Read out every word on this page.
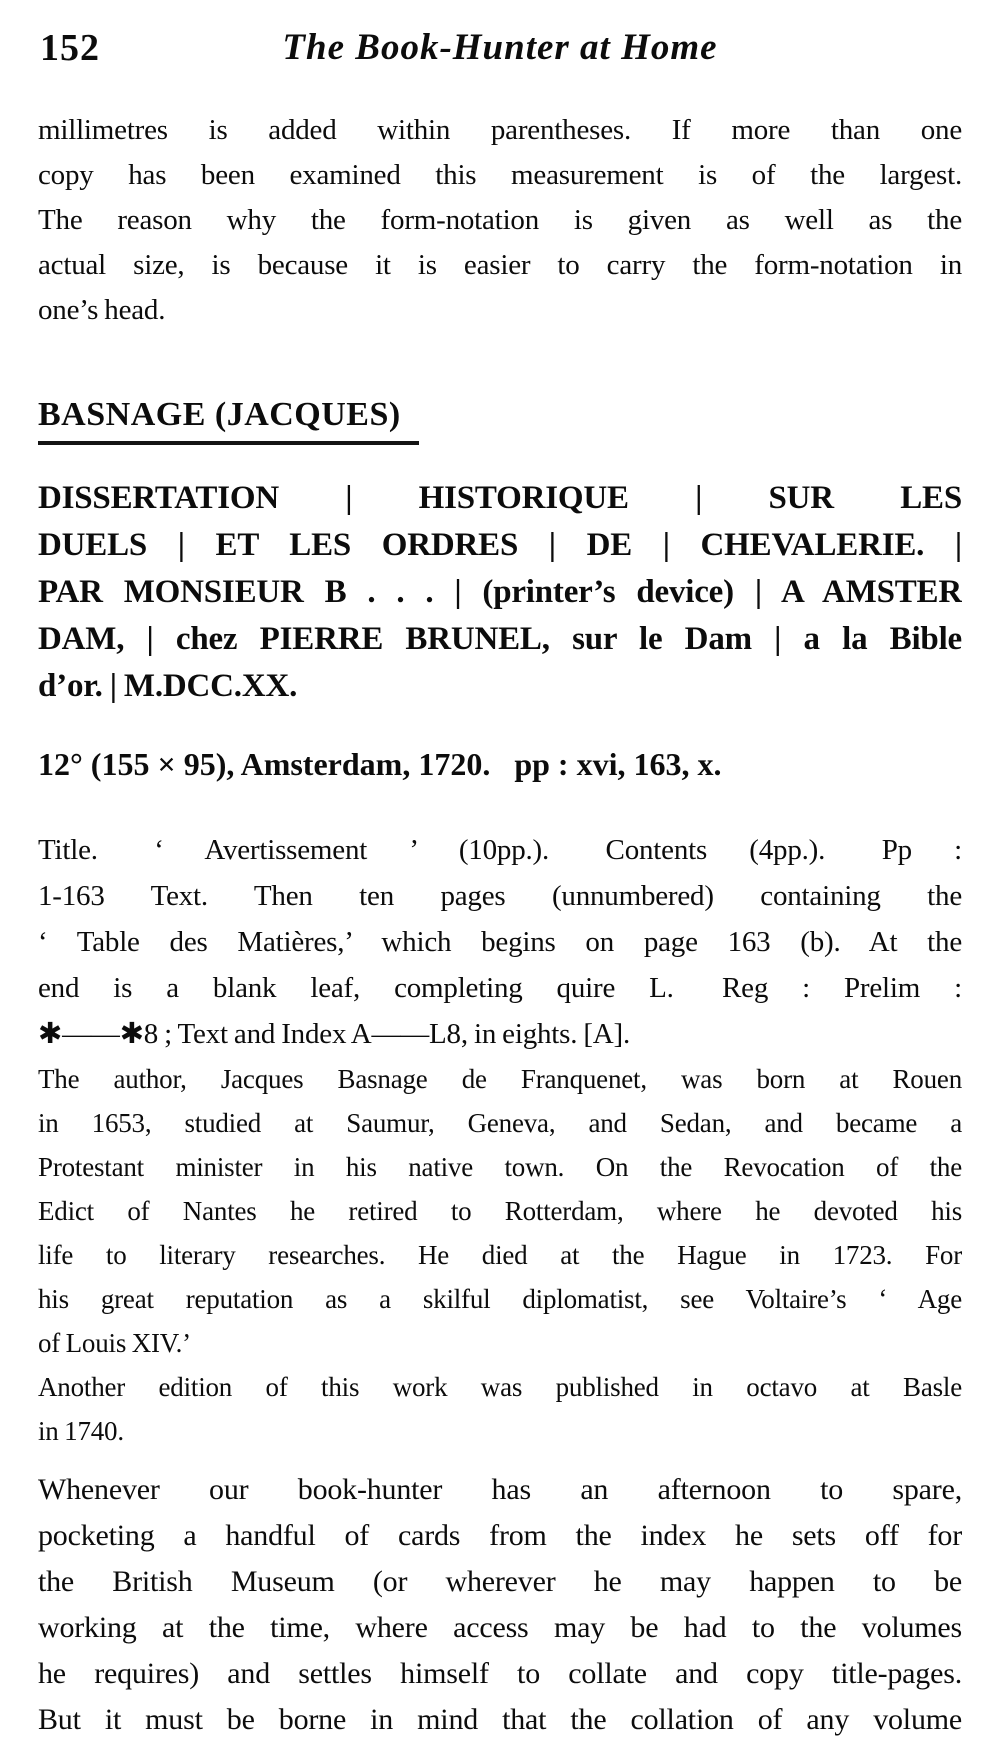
152	The Book-Hunter at Home
millimetres is added within parentheses. If more than one
copy has been examined this measurement is of the largest.
The reason why the form-notation is given as well as the
actual size, is because it is easier to carry the form-notation in
one’s head.
BASNAGE (JACQUES)
DISSERTATION | HISTORIQUE | SUR LES
DUELS | ET LES ORDRES | DE | CHEVALERIE. |
PAR MONSIEUR B . . . | (printer’s device) | A AMSTER
DAM, | chez PIERRE BRUNEL, sur le Dam | a la Bible
d’or. | M.DCC.XX.
12° (155 × 95), Amsterdam, 1720.  pp : xvi, 163, x.
Title.  ‘ Avertissement ’ (10pp.).  Contents (4pp.).  Pp :
1-163 Text. Then ten pages (unnumbered) containing the
‘ Table des Matières,’ which begins on page 163 (b). At the
end is a blank leaf, completing quire L.  Reg : Prelim :
✱——✱8 ; Text and Index A——L8, in eights. [A].
The author, Jacques Basnage de Franquenet, was born at Rouen
in 1653, studied at Saumur, Geneva, and Sedan, and became a
Protestant minister in his native town. On the Revocation of the
Edict of Nantes he retired to Rotterdam, where he devoted his
life to literary researches. He died at the Hague in 1723. For
his great reputation as a skilful diplomatist, see Voltaire’s ‘ Age
of Louis XIV.’
Another edition of this work was published in octavo at Basle
in 1740.
Whenever our book-hunter has an afternoon to spare,
pocketing a handful of cards from the index he sets off for
the British Museum (or wherever he may happen to be
working at the time, where access may be had to the volumes
he requires) and settles himself to collate and copy title-pages.
But it must be borne in mind that the collation of any volume
